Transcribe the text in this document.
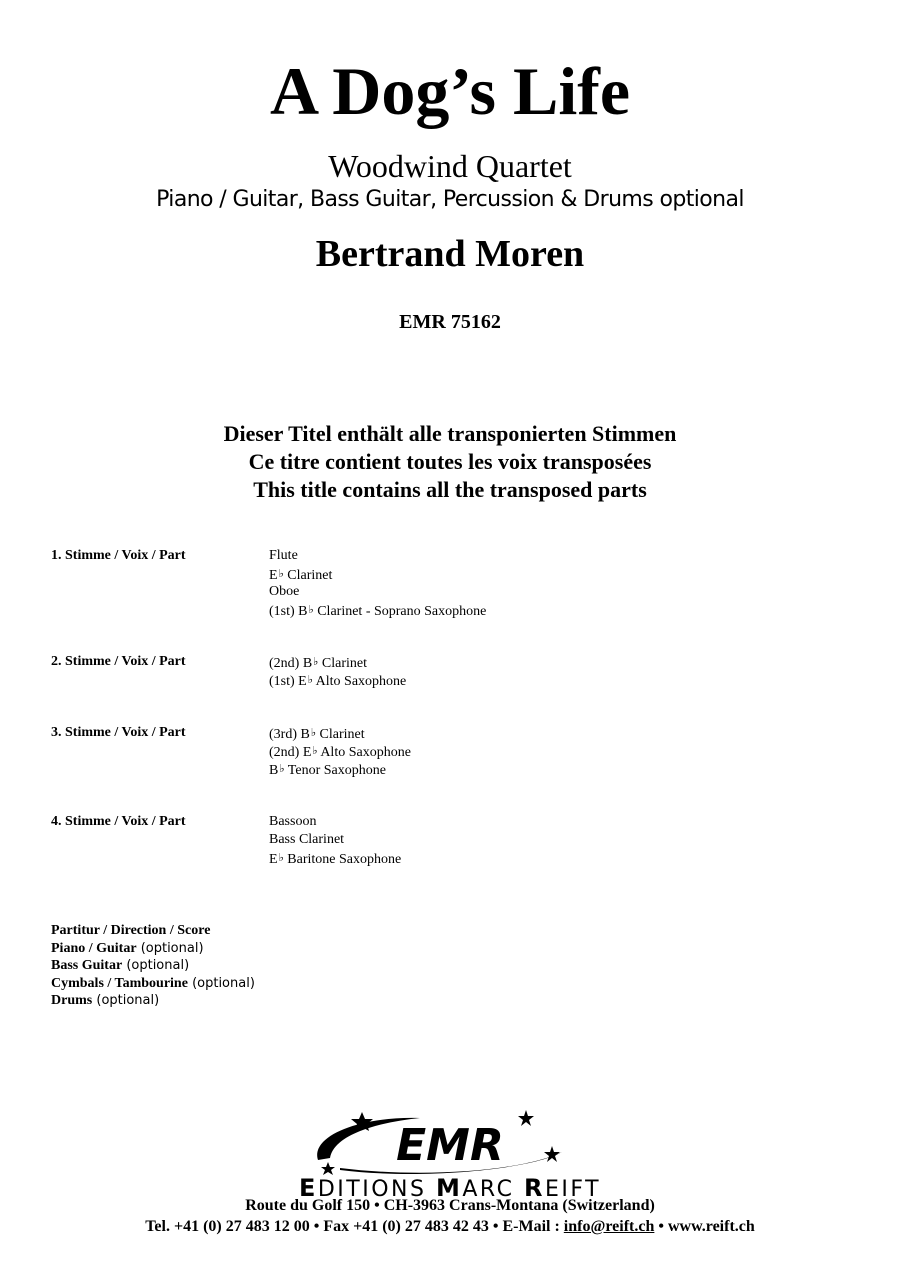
A Dog’s Life
Woodwind Quartet
Piano / Guitar, Bass Guitar, Percussion & Drums optional
Bertrand Moren
EMR 75162
Dieser Titel enthält alle transponierten Stimmen
Ce titre contient toutes les voix transposées
This title contains all the transposed parts
1. Stimme / Voix / Part	Flute
E♭ Clarinet
Oboe
(1st) B♭ Clarinet - Soprano Saxophone
2. Stimme / Voix / Part	(2nd) B♭ Clarinet
(1st) E♭ Alto Saxophone
3. Stimme / Voix / Part	(3rd) B♭ Clarinet
(2nd) E♭ Alto Saxophone
B♭ Tenor Saxophone
4. Stimme / Voix / Part	Bassoon
Bass Clarinet
E♭ Baritone Saxophone
Partitur / Direction / Score
Piano / Guitar (optional)
Bass Guitar (optional)
Cymbals / Tambourine (optional)
Drums (optional)
EMR
EDITIONS MARC REIFT
Route du Golf 150 • CH-3963 Crans-Montana (Switzerland)
Tel. +41 (0) 27 483 12 00 • Fax +41 (0) 27 483 42 43 • E-Mail : info@reift.ch • www.reift.ch
